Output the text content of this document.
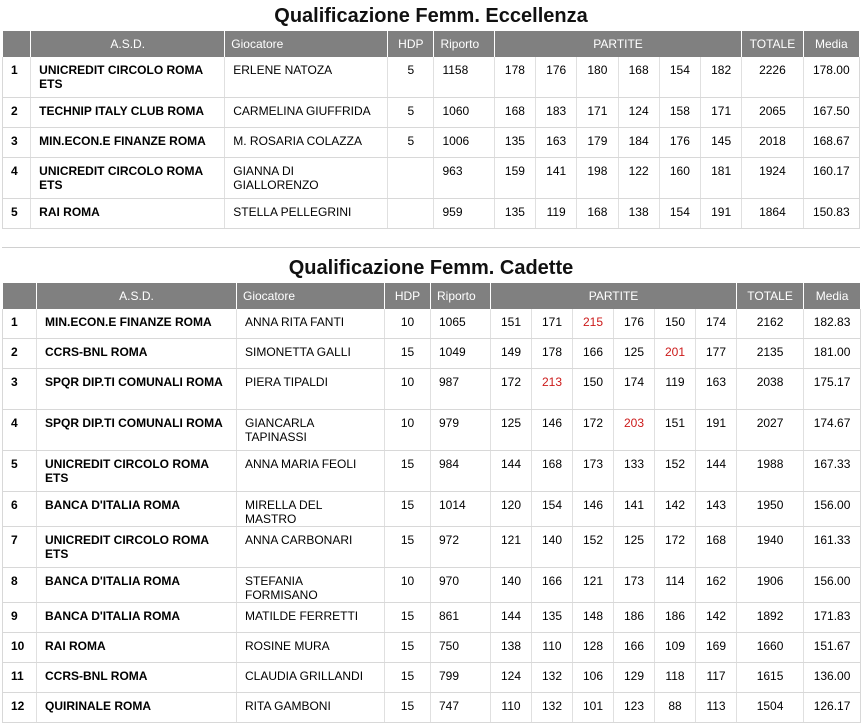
Qualificazione Femm. Eccellenza
	A.S.D.	Giocatore	HDP	Riporto	PARTITE						TOTALE	Media
1	UNICREDIT CIRCOLO ROMA ETS	ERLENE NATOZA	5	1158	178	176	180	168	154	182	2226	178.00
2	TECHNIP ITALY CLUB ROMA	CARMELINA GIUFFRIDA	5	1060	168	183	171	124	158	171	2065	167.50
3	MIN.ECON.E FINANZE ROMA	M. ROSARIA COLAZZA	5	1006	135	163	179	184	176	145	2018	168.67
4	UNICREDIT CIRCOLO ROMA ETS	GIANNA DI GIALLORENZO		963	159	141	198	122	160	181	1924	160.17
5	RAI ROMA	STELLA PELLEGRINI		959	135	119	168	138	154	191	1864	150.83
Qualificazione Femm. Cadette
	A.S.D.	Giocatore	HDP	Riporto	PARTITE						TOTALE	Media
1	MIN.ECON.E FINANZE ROMA	ANNA RITA FANTI	10	1065	151	171	215	176	150	174	2162	182.83
2	CCRS-BNL ROMA	SIMONETTA GALLI	15	1049	149	178	166	125	201	177	2135	181.00
3	SPQR DIP.TI COMUNALI ROMA	PIERA TIPALDI	10	987	172	213	150	174	119	163	2038	175.17
4	SPQR DIP.TI COMUNALI ROMA	GIANCARLA TAPINASSI	10	979	125	146	172	203	151	191	2027	174.67
5	UNICREDIT CIRCOLO ROMA ETS	ANNA MARIA FEOLI	15	984	144	168	173	133	152	144	1988	167.33
6	BANCA D'ITALIA ROMA	MIRELLA DEL MASTRO	15	1014	120	154	146	141	142	143	1950	156.00
7	UNICREDIT CIRCOLO ROMA ETS	ANNA CARBONARI	15	972	121	140	152	125	172	168	1940	161.33
8	BANCA D'ITALIA ROMA	STEFANIA FORMISANO	10	970	140	166	121	173	114	162	1906	156.00
9	BANCA D'ITALIA ROMA	MATILDE FERRETTI	15	861	144	135	148	186	186	142	1892	171.83
10	RAI ROMA	ROSINE MURA	15	750	138	110	128	166	109	169	1660	151.67
11	CCRS-BNL ROMA	CLAUDIA GRILLANDI	15	799	124	132	106	129	118	117	1615	136.00
12	QUIRINALE ROMA	RITA GAMBONI	15	747	110	132	101	123	88	113	1504	126.17
